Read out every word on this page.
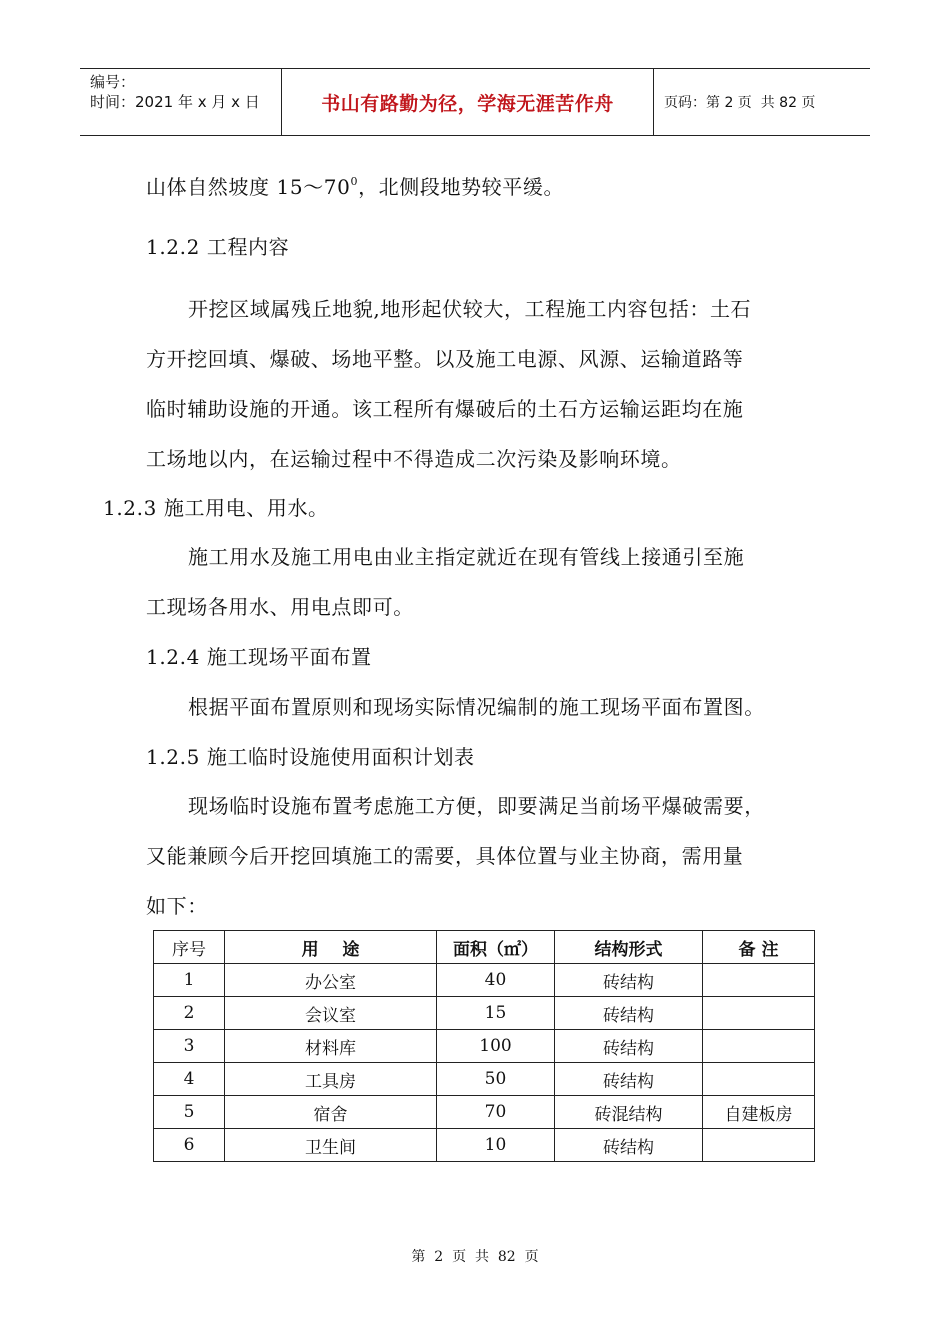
编号：
时间：2021 年 x 月 x 日	书山有路勤为径，学海无涯苦作舟	页码：第 2 页  共 82 页
山体自然坡度 $15\sim 70^0$，北侧段地势较平缓。
1.2.2 工程内容
开挖区域属残丘地貌,地形起伏较大，工程施工内容包括：土石
方开挖回填、爆破、场地平整。以及施工电源、风源、运输道路等
临时辅助设施的开通。该工程所有爆破后的土石方运输运距均在施
工场地以内，在运输过程中不得造成二次污染及影响环境。
1.2.3 施工用电、用水。
施工用水及施工用电由业主指定就近在现有管线上接通引至施
工现场各用水、用电点即可。
1.2.4 施工现场平面布置
根据平面布置原则和现场实际情况编制的施工现场平面布置图。
1.2.5 施工临时设施使用面积计划表
现场临时设施布置考虑施工方便，即要满足当前场平爆破需要，
又能兼顾今后开挖回填施工的需要，具体位置与业主协商，需用量
如下：
序号	用    途	面积（㎡）	结构形式	备 注
1	办公室	40	砖结构	
2	会议室	15	砖结构	
3	材料库	100	砖结构	
4	工具房	50	砖结构	
5	宿舍	70	砖混结构	自建板房
6	卫生间	10	砖结构	
第  2  页  共  82  页
